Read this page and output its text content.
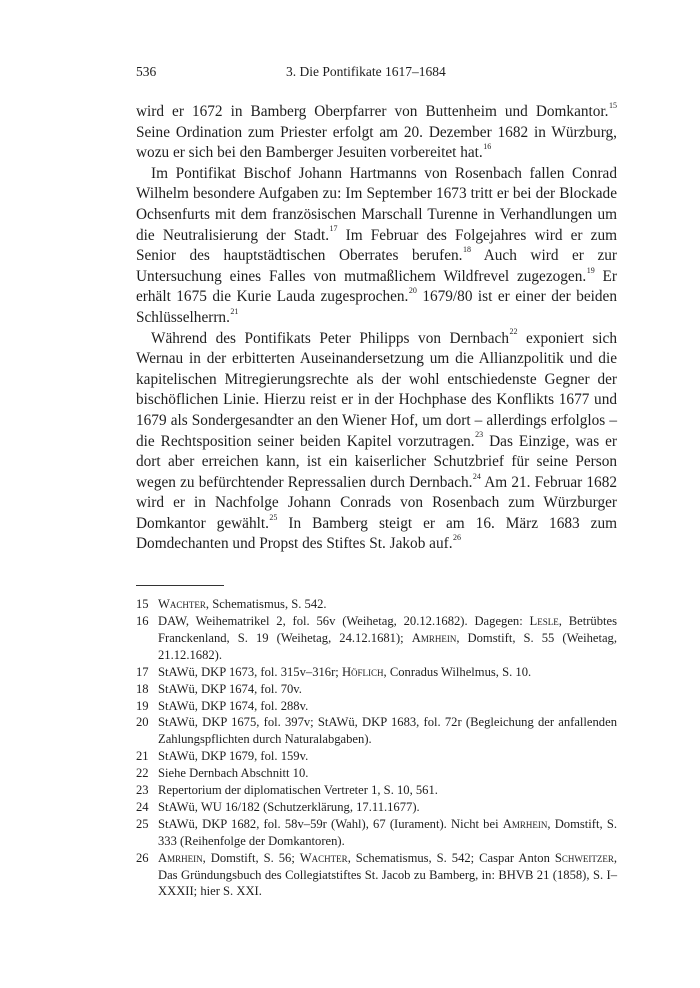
536	3. Die Pontifikate 1617–1684

wird er 1672 in Bamberg Oberpfarrer von Buttenheim und Domkantor.$^{15}$ Seine Ordination zum Priester erfolgt am 20. Dezember 1682 in Würzburg, wozu er sich bei den Bamberger Jesuiten vorbereitet hat.$^{16}$

Im Pontifikat Bischof Johann Hartmanns von Rosenbach fallen Conrad Wilhelm besondere Aufgaben zu: Im September 1673 tritt er bei der Blockade Ochsenfurts mit dem französischen Marschall Turenne in Verhandlungen um die Neutralisierung der Stadt.$^{17}$ Im Februar des Folgejahres wird er zum Senior des hauptstädtischen Oberrates berufen.$^{18}$ Auch wird er zur Untersuchung eines Falles von mutmaßlichem Wildfrevel zugezogen.$^{19}$ Er erhält 1675 die Kurie Lauda zugesprochen.$^{20}$ 1679/80 ist er einer der beiden Schlüsselherrn.$^{21}$

Während des Pontifikats Peter Philipps von Dernbach$^{22}$ exponiert sich Wernau in der erbitterten Auseinandersetzung um die Allianzpolitik und die kapitelischen Mitregierungsrechte als der wohl entschiedenste Gegner der bischöflichen Linie. Hierzu reist er in der Hochphase des Konflikts 1677 und 1679 als Sondergesandter an den Wiener Hof, um dort – allerdings erfolglos – die Rechtsposition seiner beiden Kapitel vorzutragen.$^{23}$ Das Einzige, was er dort aber erreichen kann, ist ein kaiserlicher Schutzbrief für seine Person wegen zu befürchtender Repressalien durch Dernbach.$^{24}$ Am 21. Februar 1682 wird er in Nachfolge Johann Conrads von Rosenbach zum Würzburger Domkantor gewählt.$^{25}$ In Bamberg steigt er am 16. März 1683 zum Domdechanten und Propst des Stiftes St. Jakob auf.$^{26}$

15 Wachter, Schematismus, S. 542.
16 DAW, Weihematrikel 2, fol. 56v (Weihetag, 20.12.1682). Dagegen: Lesle, Betrübtes Franckenland, S. 19 (Weihetag, 24.12.1681); Amrhein, Domstift, S. 55 (Weihetag, 21.12.1682).
17 StAWü, DKP 1673, fol. 315v–316r; Höflich, Conradus Wilhelmus, S. 10.
18 StAWü, DKP 1674, fol. 70v.
19 StAWü, DKP 1674, fol. 288v.
20 StAWü, DKP 1675, fol. 397v; StAWü, DKP 1683, fol. 72r (Begleichung der anfallenden Zahlungspflichten durch Naturalabgaben).
21 StAWü, DKP 1679, fol. 159v.
22 Siehe Dernbach Abschnitt 10.
23 Repertorium der diplomatischen Vertreter 1, S. 10, 561.
24 StAWü, WU 16/182 (Schutzerklärung, 17.11.1677).
25 StAWü, DKP 1682, fol. 58v–59r (Wahl), 67 (Iurament). Nicht bei Amrhein, Domstift, S. 333 (Reihenfolge der Domkantoren).
26 Amrhein, Domstift, S. 56; Wachter, Schematismus, S. 542; Caspar Anton Schweitzer, Das Gründungsbuch des Collegiatstiftes St. Jacob zu Bamberg, in: BHVB 21 (1858), S. I–XXXII; hier S. XXI.
